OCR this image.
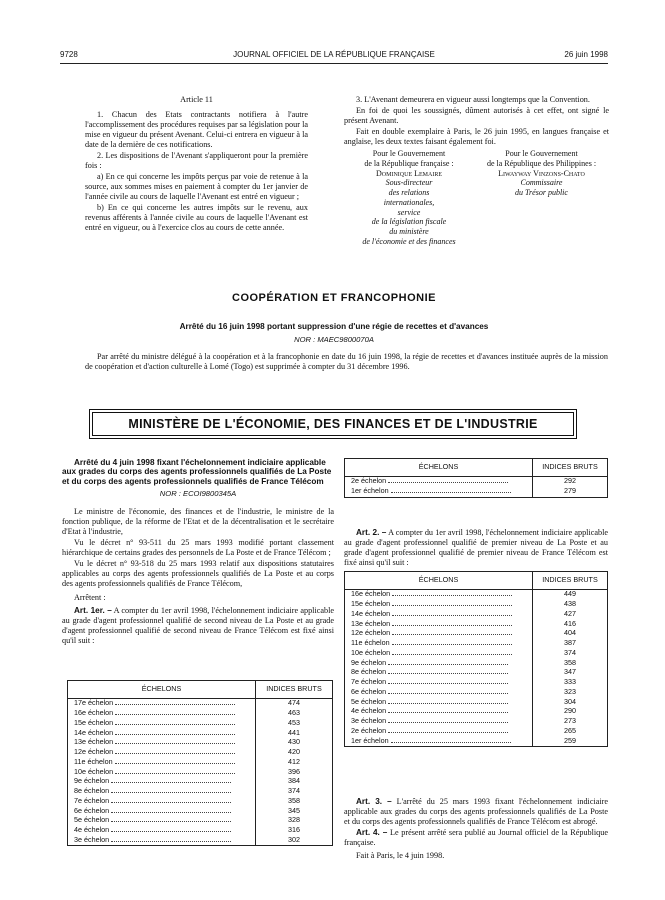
9728	JOURNAL OFFICIEL DE LA RÉPUBLIQUE FRANÇAISE	26 juin 1998

Article 11

1. Chacun des Etats contractants notifiera à l'autre l'accomplissement des procédures requises par sa législation pour la mise en vigueur du présent Avenant. Celui-ci entrera en vigueur à la date de la dernière de ces notifications.

2. Les dispositions de l'Avenant s'appliqueront pour la première fois :

a) En ce qui concerne les impôts perçus par voie de retenue à la source, aux sommes mises en paiement à compter du 1er janvier de l'année civile au cours de laquelle l'Avenant est entré en vigueur ;

b) En ce qui concerne les autres impôts sur le revenu, aux revenus afférents à l'année civile au cours de laquelle l'Avenant est entré en vigueur, ou à l'exercice clos au cours de cette année.

3. L'Avenant demeurera en vigueur aussi longtemps que la Convention.

En foi de quoi les soussignés, dûment autorisés à cet effet, ont signé le présent Avenant.

Fait en double exemplaire à Paris, le 26 juin 1995, en langues française et anglaise, les deux textes faisant également foi.

Pour le Gouvernement
de la République française :
Dominique Lemaire
Sous-directeur
des relations
internationales,
service
de la législation fiscale
du ministère
de l'économie et des finances
Pour le Gouvernement
de la République des Philippines :
Liwayway Vinzons-Chato
Commissaire
du Trésor public
COOPÉRATION ET FRANCOPHONIE
Arrêté du 16 juin 1998 portant suppression d'une régie de recettes et d'avances
NOR : MAEC9800070A

Par arrêté du ministre délégué à la coopération et à la francophonie en date du 16 juin 1998, la régie de recettes et d'avances instituée auprès de la mission de coopération et d'action culturelle à Lomé (Togo) est supprimée à compter du 31 décembre 1996.

MINISTÈRE DE L'ÉCONOMIE, DES FINANCES ET DE L'INDUSTRIE

Arrêté du 4 juin 1998 fixant l'échelonnement indiciaire applicable aux grades du corps des agents professionnels qualifiés de La Poste et du corps des agents professionnels qualifiés de France Télécom

NOR : ECOI9800345A

Le ministre de l'économie, des finances et de l'industrie, le ministre de la fonction publique, de la réforme de l'Etat et de la décentralisation et le secrétaire d'Etat à l'industrie,

Vu le décret n° 93-511 du 25 mars 1993 modifié portant classement hiérarchique de certains grades des personnels de La Poste et de France Télécom ;

Vu le décret n° 93-518 du 25 mars 1993 relatif aux dispositions statutaires applicables au corps des agents professionnels qualifiés de La Poste et au corps des agents professionnels qualifiés de France Télécom,

Arrêtent :

Art. 1er. – A compter du 1er avril 1998, l'échelonnement indiciaire applicable au grade d'agent professionnel qualifié de second niveau de La Poste et au grade d'agent professionnel qualifié de second niveau de France Télécom est fixé ainsi qu'il suit :

ÉCHELONS	INDICES BRUTS
17e échelon	474
16e échelon	463
15e échelon	453
14e échelon	441
13e échelon	430
12e échelon	420
11e échelon	412
10e échelon	396
9e échelon	384
8e échelon	374
7e échelon	358
6e échelon	345
5e échelon	328
4e échelon	316
3e échelon	302
ÉCHELONS	INDICES BRUTS
2e échelon	292
1er échelon	279

Art. 2. – A compter du 1er avril 1998, l'échelonnement indiciaire applicable au grade d'agent professionnel qualifié de premier niveau de La Poste et au grade d'agent professionnel qualifié de premier niveau de France Télécom est fixé ainsi qu'il suit :

ÉCHELONS	INDICES BRUTS
16e échelon	449
15e échelon	438
14e échelon	427
13e échelon	416
12e échelon	404
11e échelon	387
10e échelon	374
9e échelon	358
8e échelon	347
7e échelon	333
6e échelon	323
5e échelon	304
4e échelon	290
3e échelon	273
2e échelon	265
1er échelon	259

Art. 3. – L'arrêté du 25 mars 1993 fixant l'échelonnement indiciaire applicable aux grades du corps des agents professionnels qualifiés de La Poste et du corps des agents professionnels qualifiés de France Télécom est abrogé.

Art. 4. – Le présent arrêté sera publié au Journal officiel de la République française.

Fait à Paris, le 4 juin 1998.
